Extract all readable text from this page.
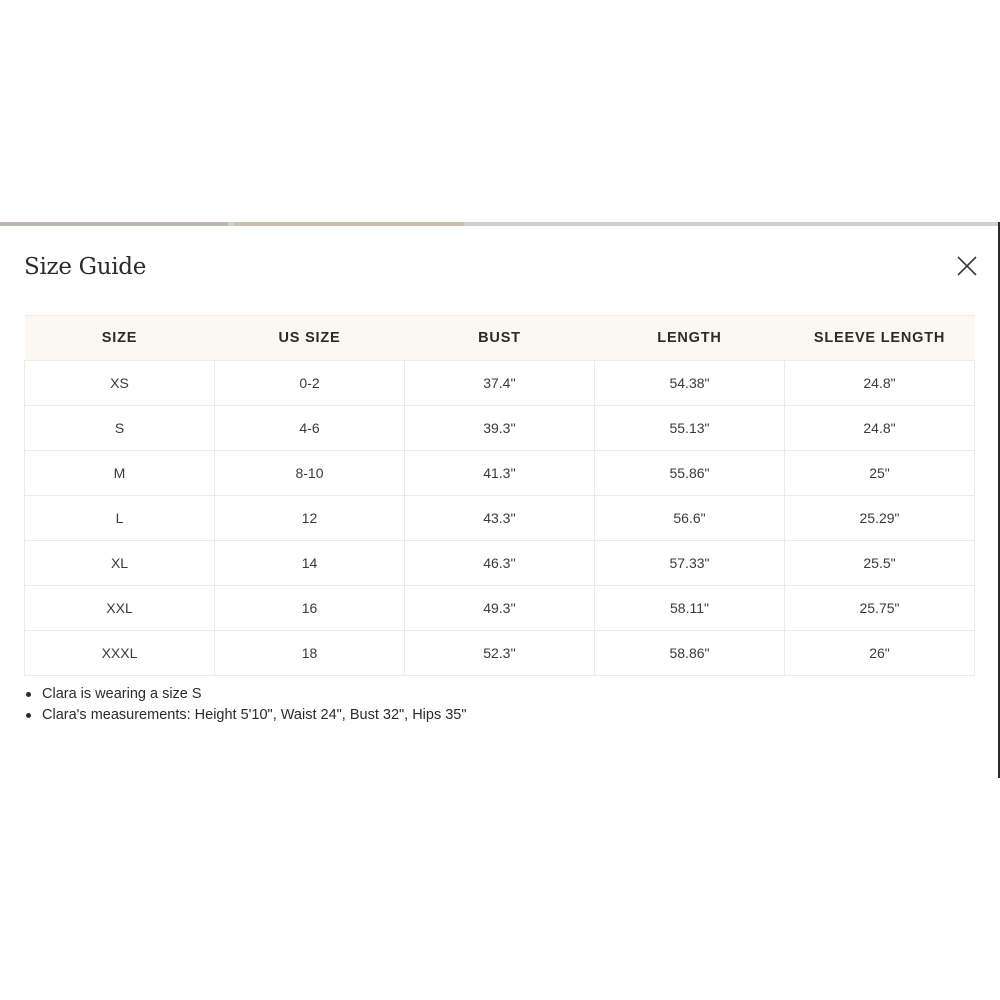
Size Guide
SIZE	US SIZE	BUST	LENGTH	SLEEVE LENGTH
XS	0-2	37.4''	54.38"	24.8"
S	4-6	39.3''	55.13"	24.8"
M	8-10	41.3''	55.86"	25"
L	12	43.3''	56.6"	25.29"
XL	14	46.3''	57.33"	25.5"
XXL	16	49.3''	58.11"	25.75"
XXXL	18	52.3''	58.86"	26"
Clara is wearing a size S
Clara's measurements: Height 5'10", Waist 24", Bust 32", Hips 35"
